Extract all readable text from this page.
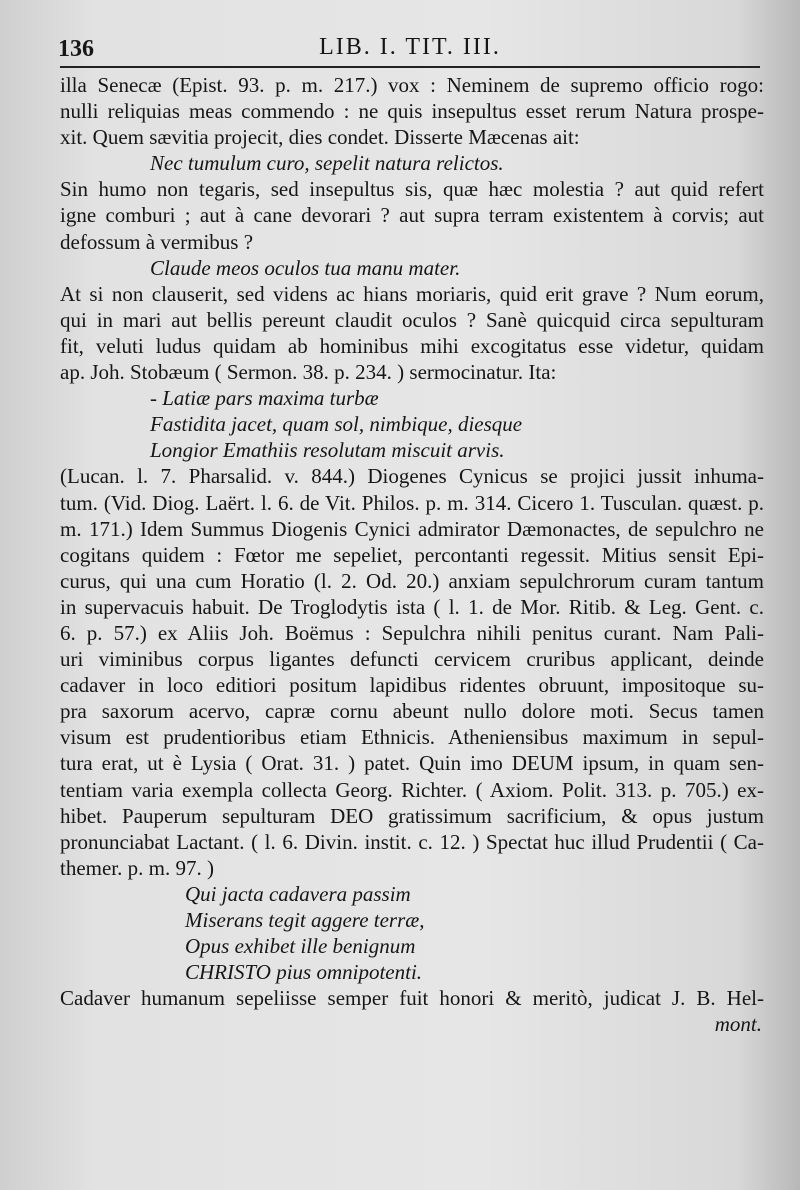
136	LIB. I. TIT. III.
illa Senecæ (Epist. 93. p. m. 217.) vox : Neminem de supremo officio rogo:
nulli reliquias meas commendo : ne quis insepultus esset rerum Natura prospe-
xit. Quem sævitia projecit, dies condet. Disserte Mæcenas ait:
Nec tumulum curo, sepelit natura relictos.
Sin humo non tegaris, sed insepultus sis, quæ hæc molestia ? aut quid refert
igne comburi ; aut à cane devorari ? aut supra terram existentem à corvis; aut
defossum à vermibus ?
Claude meos oculos tua manu mater.
At si non clauserit, sed videns ac hians moriaris, quid erit grave ? Num eorum,
qui in mari aut bellis pereunt claudit oculos ? Sanè quicquid circa sepulturam
fit, veluti ludus quidam ab hominibus mihi excogitatus esse videtur, quidam
ap. Joh. Stobæum ( Sermon. 38. p. 234. ) sermocinatur. Ita:
- Latiæ pars maxima turbæ
Fastidita jacet, quam sol, nimbique, diesque
Longior Emathiis resolutam miscuit arvis.
(Lucan. l. 7. Pharsalid. v. 844.) Diogenes Cynicus se projici jussit inhuma-
tum. (Vid. Diog. Laërt. l. 6. de Vit. Philos. p. m. 314. Cicero 1. Tusculan. quæst. p.
m. 171.) Idem Summus Diogenis Cynici admirator Dæmonactes, de sepulchro ne
cogitans quidem : Fœtor me sepeliet, percontanti regessit. Mitius sensit Epi-
curus, qui una cum Horatio (l. 2. Od. 20.) anxiam sepulchrorum curam tantum
in supervacuis habuit. De Troglodytis ista ( l. 1. de Mor. Ritib. & Leg. Gent. c.
6. p. 57.) ex Aliis Joh. Boëmus : Sepulchra nihili penitus curant. Nam Pali-
uri viminibus corpus ligantes defuncti cervicem cruribus applicant, deinde
cadaver in loco editiori positum lapidibus ridentes obruunt, impositoque su-
pra saxorum acervo, capræ cornu abeunt nullo dolore moti. Secus tamen
visum est prudentioribus etiam Ethnicis. Atheniensibus maximum in sepul-
tura erat, ut è Lysia ( Orat. 31. ) patet. Quin imo DEUM ipsum, in quam sen-
tentiam varia exempla collecta Georg. Richter. ( Axiom. Polit. 313. p. 705.) ex-
hibet. Pauperum sepulturam DEO gratissimum sacrificium, & opus justum
pronunciabat Lactant. ( l. 6. Divin. instit. c. 12. ) Spectat huc illud Prudentii ( Ca-
themer. p. m. 97. )
Qui jacta cadavera passim
Miserans tegit aggere terræ,
Opus exhibet ille benignum
CHRISTO pius omnipotenti.
Cadaver humanum sepeliisse semper fuit honori & meritò, judicat J. B. Hel-
mont.
